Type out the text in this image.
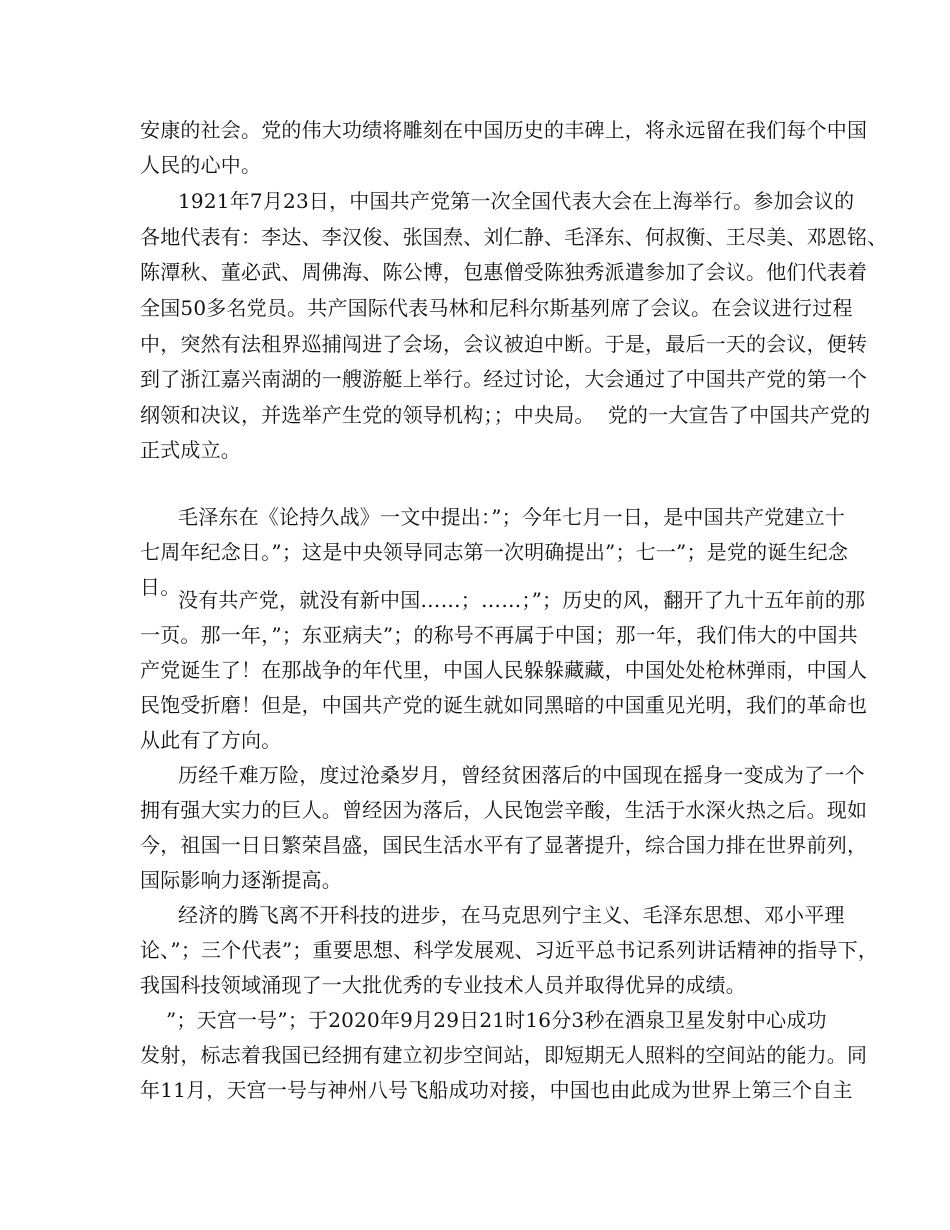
安康的社会。党的伟大功绩将雕刻在中国历史的丰碑上，将永远留在我们每个中国
人民的心中。
1921年7月23日，中国共产党第一次全国代表大会在上海举行。参加会议的
各地代表有：李达、李汉俊、张国焘、刘仁静、毛泽东、何叔衡、王尽美、邓恩铭、
陈潭秋、董必武、周佛海、陈公博，包惠僧受陈独秀派遣参加了会议。他们代表着
全国50多名党员。共产国际代表马林和尼科尔斯基列席了会议。在会议进行过程
中，突然有法租界巡捕闯进了会场，会议被迫中断。于是，最后一天的会议，便转
到了浙江嘉兴南湖的一艘游艇上举行。经过讨论，大会通过了中国共产党的第一个
纲领和决议，并选举产生党的领导机构；；中央局。  党的一大宣告了中国共产党的
正式成立。
毛泽东在《论持久战》一文中提出：”；今年七月一日，是中国共产党建立十
七周年纪念日。”；这是中央领导同志第一次明确提出”；七一”；是党的诞生纪念
日。
没有共产党，就没有新中国……；……；”；历史的风，翻开了九十五年前的那
一页。那一年，”；东亚病夫”；的称号不再属于中国；那一年，我们伟大的中国共
产党诞生了！在那战争的年代里，中国人民躲躲藏藏，中国处处枪林弹雨，中国人
民饱受折磨！但是，中国共产党的诞生就如同黑暗的中国重见光明，我们的革命也
从此有了方向。
历经千难万险，度过沧桑岁月，曾经贫困落后的中国现在摇身一变成为了一个
拥有强大实力的巨人。曾经因为落后，人民饱尝辛酸，生活于水深火热之后。现如
今，祖国一日日繁荣昌盛，国民生活水平有了显著提升，综合国力排在世界前列，
国际影响力逐渐提高。
经济的腾飞离不开科技的进步，在马克思列宁主义、毛泽东思想、邓小平理
论、”；三个代表”；重要思想、科学发展观、习近平总书记系列讲话精神的指导下，
我国科技领域涌现了一大批优秀的专业技术人员并取得优异的成绩。
”；天宫一号”；于2020年9月29日21时16分3秒在酒泉卫星发射中心成功
发射，标志着我国已经拥有建立初步空间站，即短期无人照料的空间站的能力。同
年11月，天宫一号与神州八号飞船成功对接，中国也由此成为世界上第三个自主
